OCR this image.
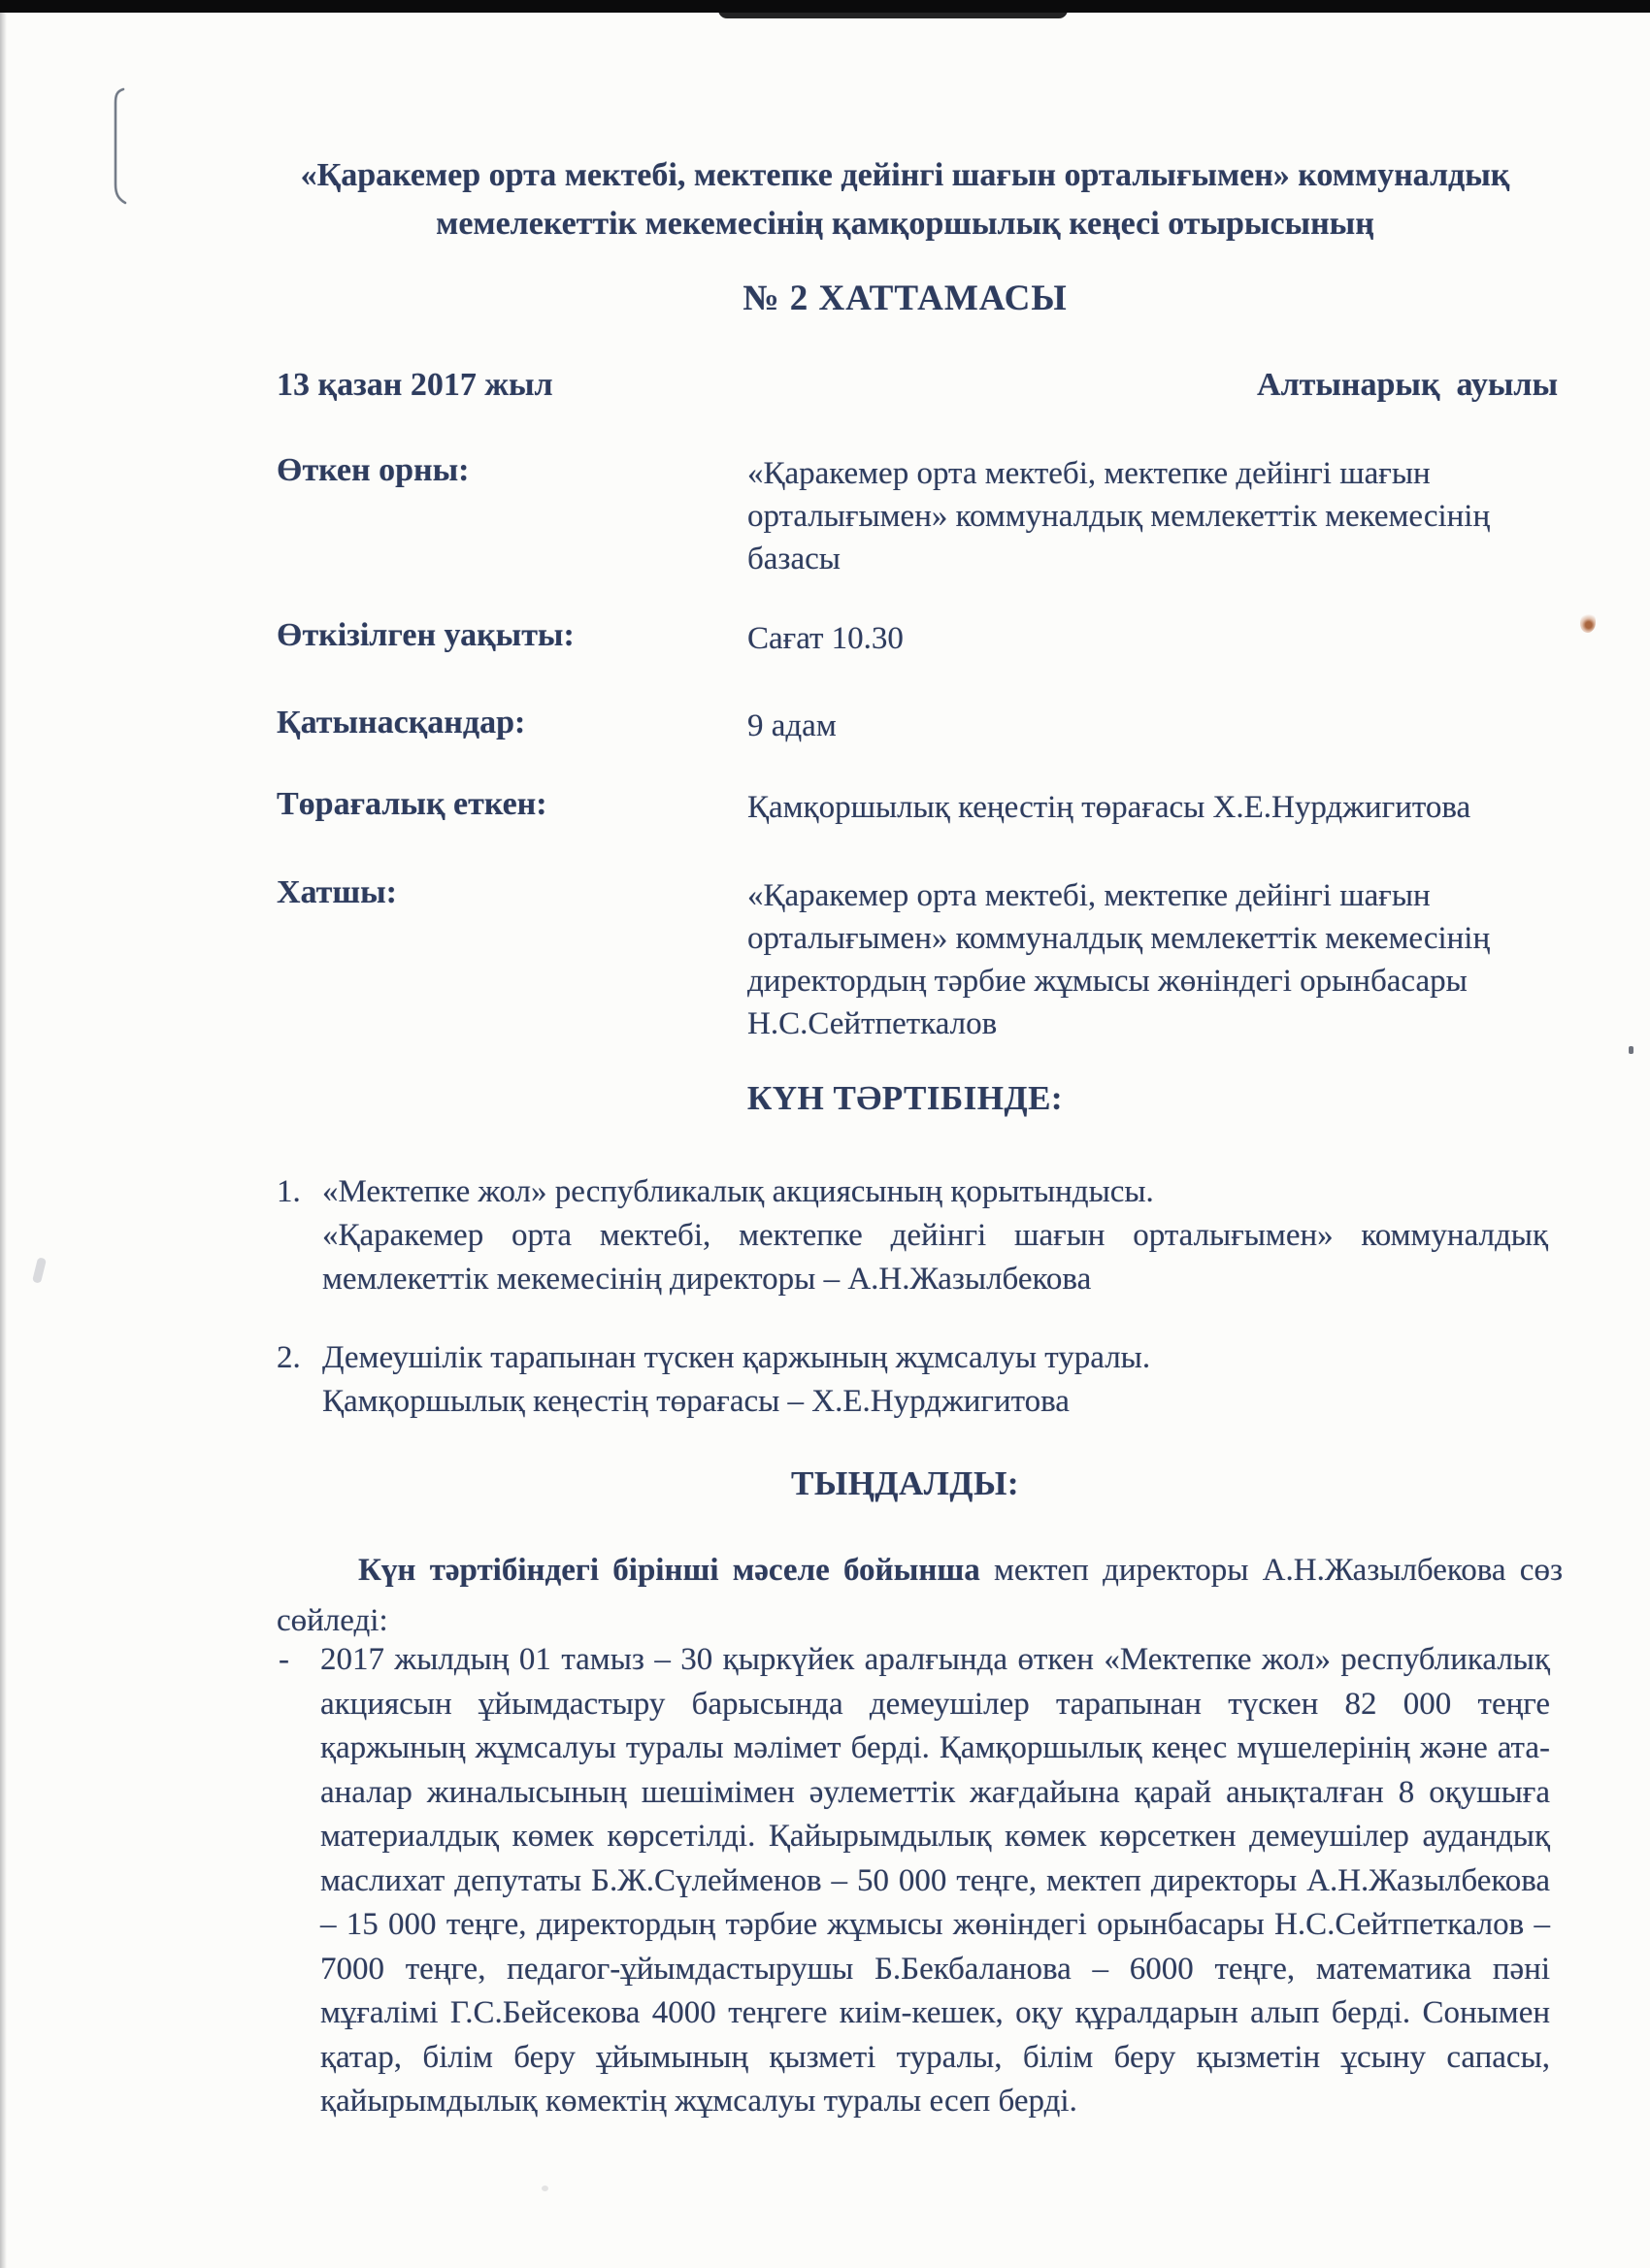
«Қаракемер орта мектебі, мектепке дейінгі шағын орталығымен» коммуналдық
мемелекеттік мекемесінің қамқоршылық кеңесі отырысының
№ 2 ХАТТАМАСЫ
13 қазан 2017 жыл	Алтынарық  ауылы
Өткен орны:	«Қаракемер орта мектебі, мектепке дейінгі шағын орталығымен» коммуналдық мемлекеттік мекемесінің базасы
Өткізілген уақыты:	Сағат 10.30
Қатынасқандар:	9 адам
Төрағалық еткен:	Қамқоршылық кеңестің төрағасы Х.Е.Нурджигитова
Хатшы:	«Қаракемер орта мектебі, мектепке дейінгі шағын орталығымен» коммуналдық мемлекеттік мекемесінің директордың тәрбие жұмысы жөніндегі орынбасары Н.С.Сейтпеткалов
КҮН ТӘРТІБІНДЕ:
1. «Мектепке жол» республикалық акциясының қорытындысы.
«Қаракемер орта мектебі, мектепке дейінгі шағын орталығымен» коммуналдық мемлекеттік мекемесінің директоры – А.Н.Жазылбекова
2. Демеушілік тарапынан түскен қаржының жұмсалуы туралы.
Қамқоршылық кеңестің төрағасы – Х.Е.Нурджигитова
ТЫҢДАЛДЫ:
Күн тәртібіндегі бірінші мәселе бойынша мектеп директоры А.Н.Жазылбекова сөз сөйледі:
- 2017 жылдың 01 тамыз – 30 қыркүйек аралғында өткен «Мектепке жол» республикалық акциясын ұйымдастыру барысында демеушілер тарапынан түскен 82 000 теңге қаржының жұмсалуы туралы мәлімет берді. Қамқоршылық кеңес мүшелерінің және ата-аналар жиналысының шешімімен әулеметтік жағдайына қарай анықталған 8 оқушыға материалдық көмек көрсетілді. Қайырымдылық көмек көрсеткен демеушілер аудандық маслихат депутаты Б.Ж.Сүлейменов – 50 000 теңге, мектеп директоры А.Н.Жазылбекова – 15 000 теңге, директордың тәрбие жұмысы жөніндегі орынбасары Н.С.Сейтпеткалов – 7000 теңге, педагог-ұйымдастырушы Б.Бекбаланова – 6000 теңге, математика пәні мұғалімі Г.С.Бейсекова 4000 теңгеге киім-кешек, оқу құралдарын алып берді. Сонымен қатар, білім беру ұйымының қызметі туралы, білім беру қызметін ұсыну сапасы, қайырымдылық көмектің жұмсалуы туралы есеп берді.
